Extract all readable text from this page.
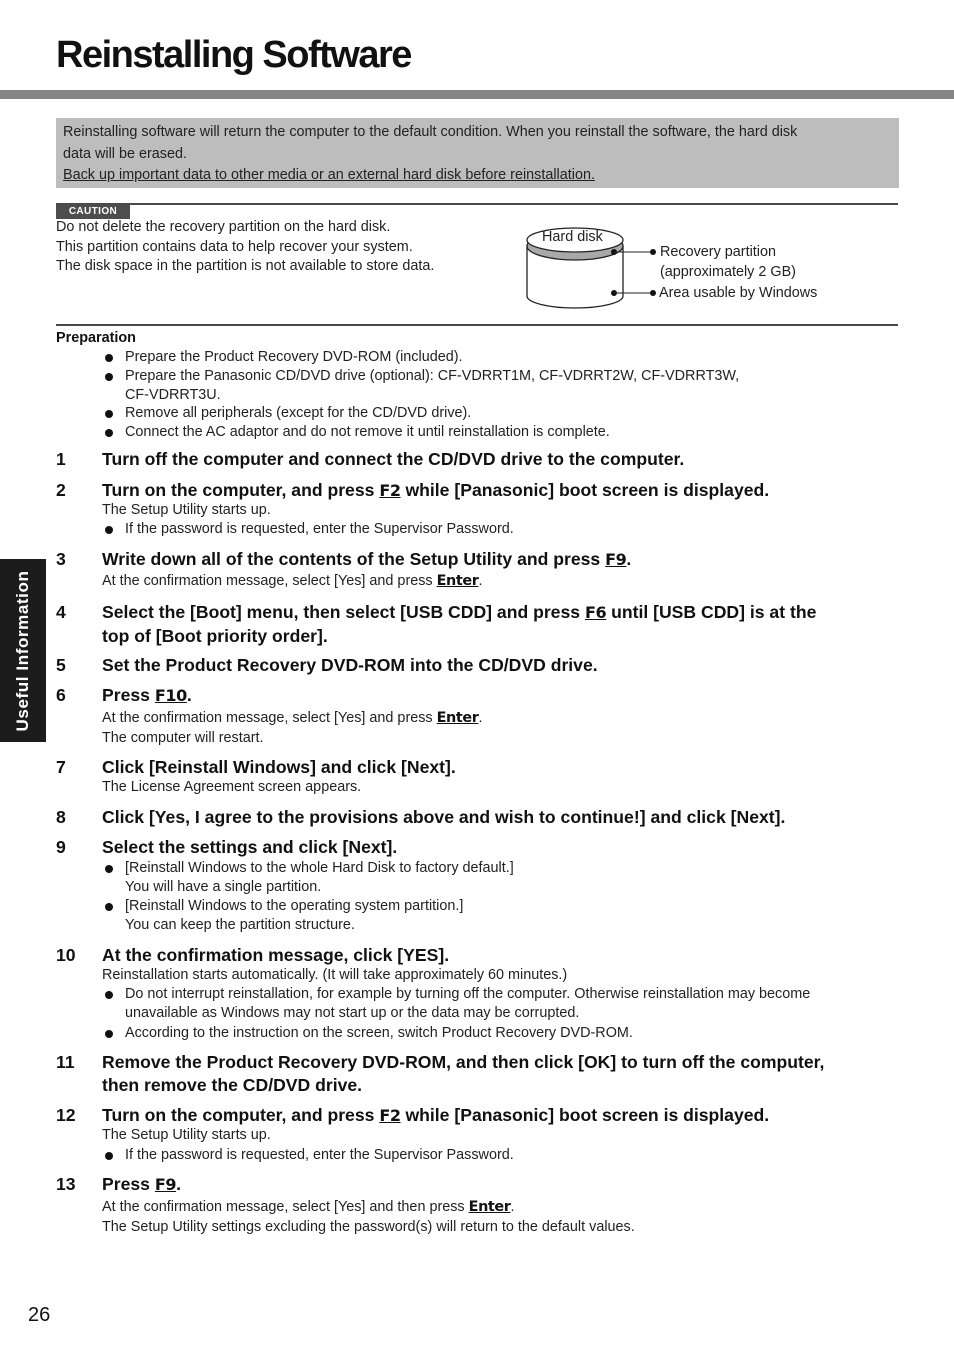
Reinstalling Software
Reinstalling software will return the computer to the default condition. When you reinstall the software, the hard disk
data will be erased.
Back up important data to other media or an external hard disk before reinstallation.
CAUTION
Do not delete the recovery partition on the hard disk.
This partition contains data to help recover your system.
The disk space in the partition is not available to store data.
Hard disk
Recovery partition
(approximately 2 GB)
Area usable by Windows
Preparation
Prepare the Product Recovery DVD-ROM (included).
Prepare the Panasonic CD/DVD drive (optional): CF-VDRRT1M, CF-VDRRT2W, CF-VDRRT3W,
CF-VDRRT3U.
Remove all peripherals (except for the CD/DVD drive).
Connect the AC adaptor and do not remove it until reinstallation is complete.
1 Turn off the computer and connect the CD/DVD drive to the computer.
2 Turn on the computer, and press F2 while [Panasonic] boot screen is displayed.
The Setup Utility starts up.
If the password is requested, enter the Supervisor Password.
3 Write down all of the contents of the Setup Utility and press F9.
At the confirmation message, select [Yes] and press Enter.
4 Select the [Boot] menu, then select [USB CDD] and press F6 until [USB CDD] is at the
top of [Boot priority order].
5 Set the Product Recovery DVD-ROM into the CD/DVD drive.
6 Press F10.
At the confirmation message, select [Yes] and press Enter.
The computer will restart.
7 Click [Reinstall Windows] and click [Next].
The License Agreement screen appears.
8 Click [Yes, I agree to the provisions above and wish to continue!] and click [Next].
9 Select the settings and click [Next].
[Reinstall Windows to the whole Hard Disk to factory default.]
You will have a single partition.
[Reinstall Windows to the operating system partition.]
You can keep the partition structure.
10 At the confirmation message, click [YES].
Reinstallation starts automatically. (It will take approximately 60 minutes.)
Do not interrupt reinstallation, for example by turning off the computer. Otherwise reinstallation may become
unavailable as Windows may not start up or the data may be corrupted.
According to the instruction on the screen, switch Product Recovery DVD-ROM.
11 Remove the Product Recovery DVD-ROM, and then click [OK] to turn off the computer,
then remove the CD/DVD drive.
12 Turn on the computer, and press F2 while [Panasonic] boot screen is displayed.
The Setup Utility starts up.
If the password is requested, enter the Supervisor Password.
13 Press F9.
At the confirmation message, select [Yes] and then press Enter.
The Setup Utility settings excluding the password(s) will return to the default values.
Useful Information
26
